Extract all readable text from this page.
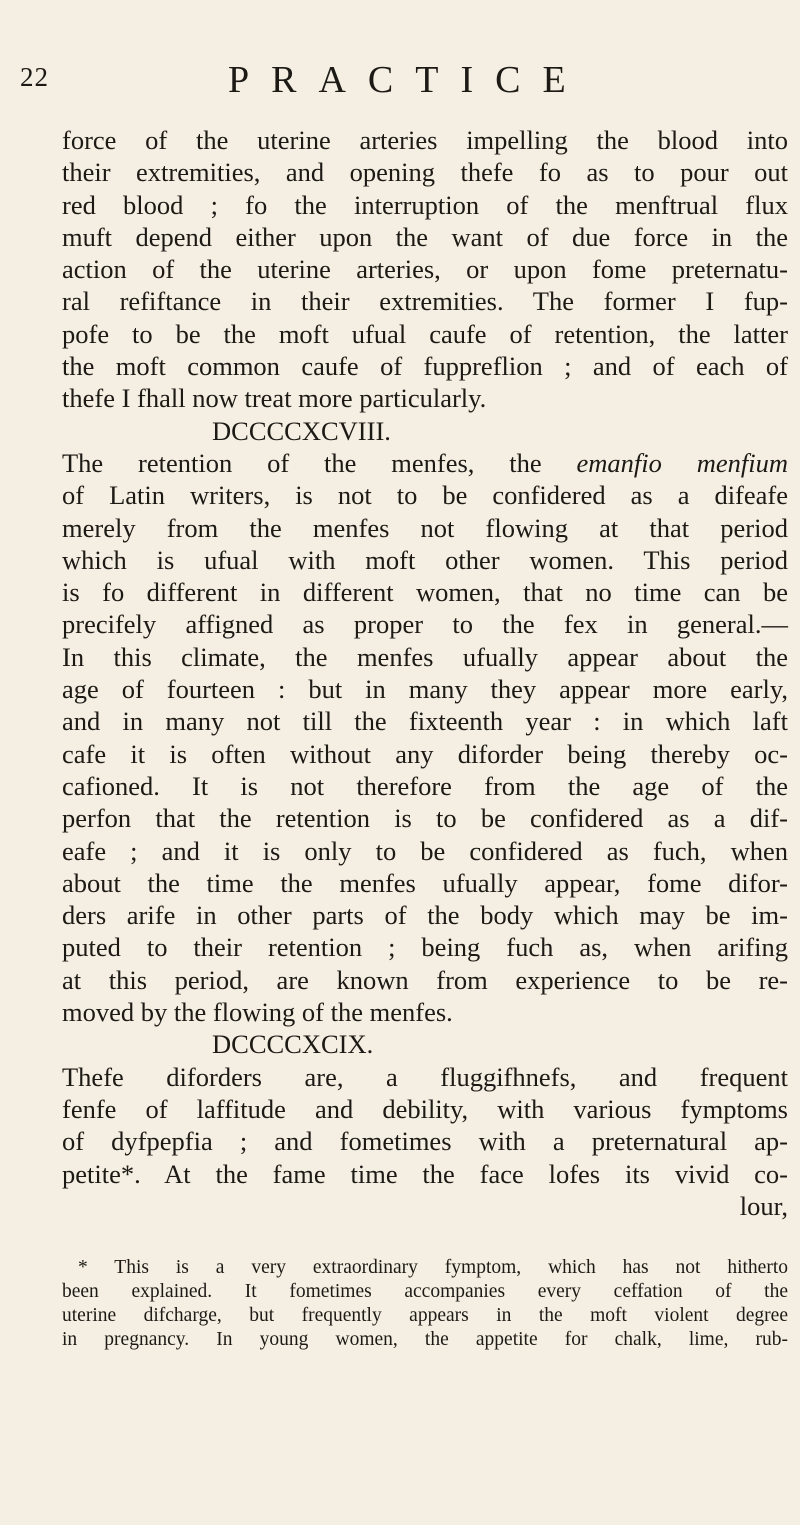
22	PRACTICE

force of the uterine arteries impelling the blood into

their extremities, and opening thefe fo as to pour out

red blood ; fo the interruption of the menftrual flux

muft depend either upon the want of due force in the

action of the uterine arteries, or upon fome preternatu-

ral refiftance in their extremities. The former I fup-

pofe to be the moft ufual caufe of retention, the latter

the moft common caufe of fuppreflion ; and of each of

thefe I fhall now treat more particularly.

DCCCCXCVIII.

The retention of the menfes, the emanfio menfium

of Latin writers, is not to be confidered as a difeafe

merely from the menfes not flowing at that period

which is ufual with moft other women. This period

is fo different in different women, that no time can be

precifely affigned as proper to the fex in general.—

In this climate, the menfes ufually appear about the

age of fourteen : but in many they appear more early,

and in many not till the fixteenth year : in which laft

cafe it is often without any diforder being thereby oc-

cafioned. It is not therefore from the age of the

perfon that the retention is to be confidered as a dif-

eafe ; and it is only to be confidered as fuch, when

about the time the menfes ufually appear, fome difor-

ders arife in other parts of the body which may be im-

puted to their retention ; being fuch as, when arifing

at this period, are known from experience to be re-

moved by the flowing of the menfes.

DCCCCXCIX.

Thefe diforders are, a fluggifhnefs, and frequent

fenfe of laffitude and debility, with various fymptoms

of dyfpepfia ; and fometimes with a preternatural ap-

petite*. At the fame time the face lofes its vivid co-

lour,

* This is a very extraordinary fymptom, which has not hitherto

been explained. It fometimes accompanies every ceffation of the

uterine difcharge, but frequently appears in the moft violent degree

in pregnancy. In young women, the appetite for chalk, lime, rub-
